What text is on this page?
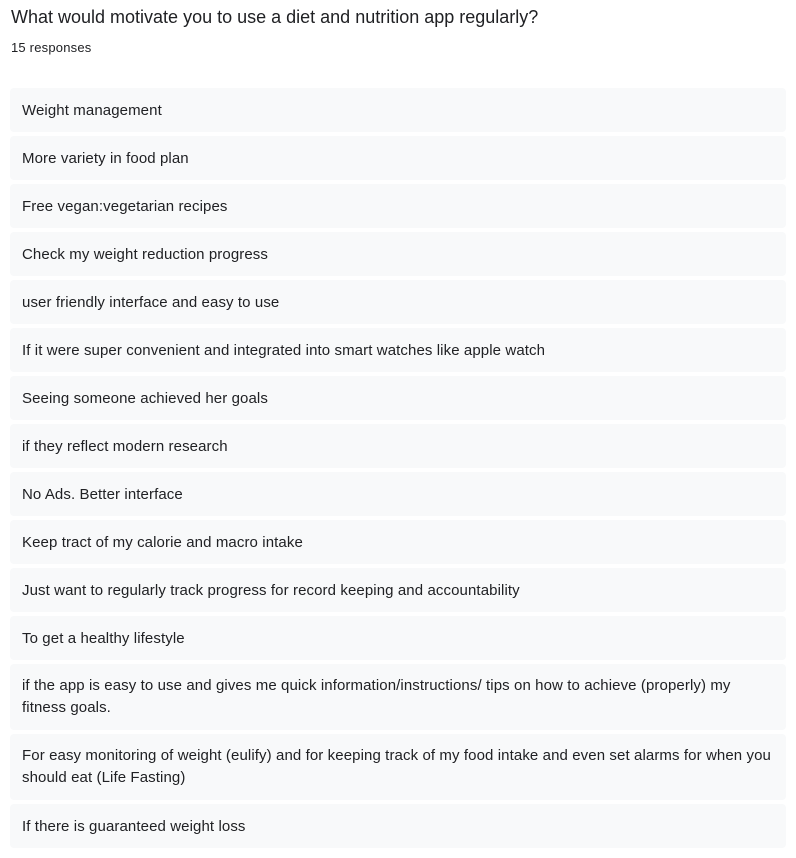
What would motivate you to use a diet and nutrition app regularly?
15 responses
Weight management
More variety in food plan
Free vegan:vegetarian recipes
Check my weight reduction progress
user friendly interface and easy to use
If it were super convenient and integrated into smart watches like apple watch
Seeing someone achieved her goals
if they reflect modern research
No Ads. Better interface
Keep tract of my calorie and macro intake
Just want to regularly track progress for record keeping and accountability
To get a healthy lifestyle
if the app is easy to use and gives me quick information/instructions/ tips on how to achieve (properly) my fitness goals.
For easy monitoring of weight (eulify) and for keeping track of my food intake and even set alarms for when you should eat (Life Fasting)
If there is guaranteed weight loss
